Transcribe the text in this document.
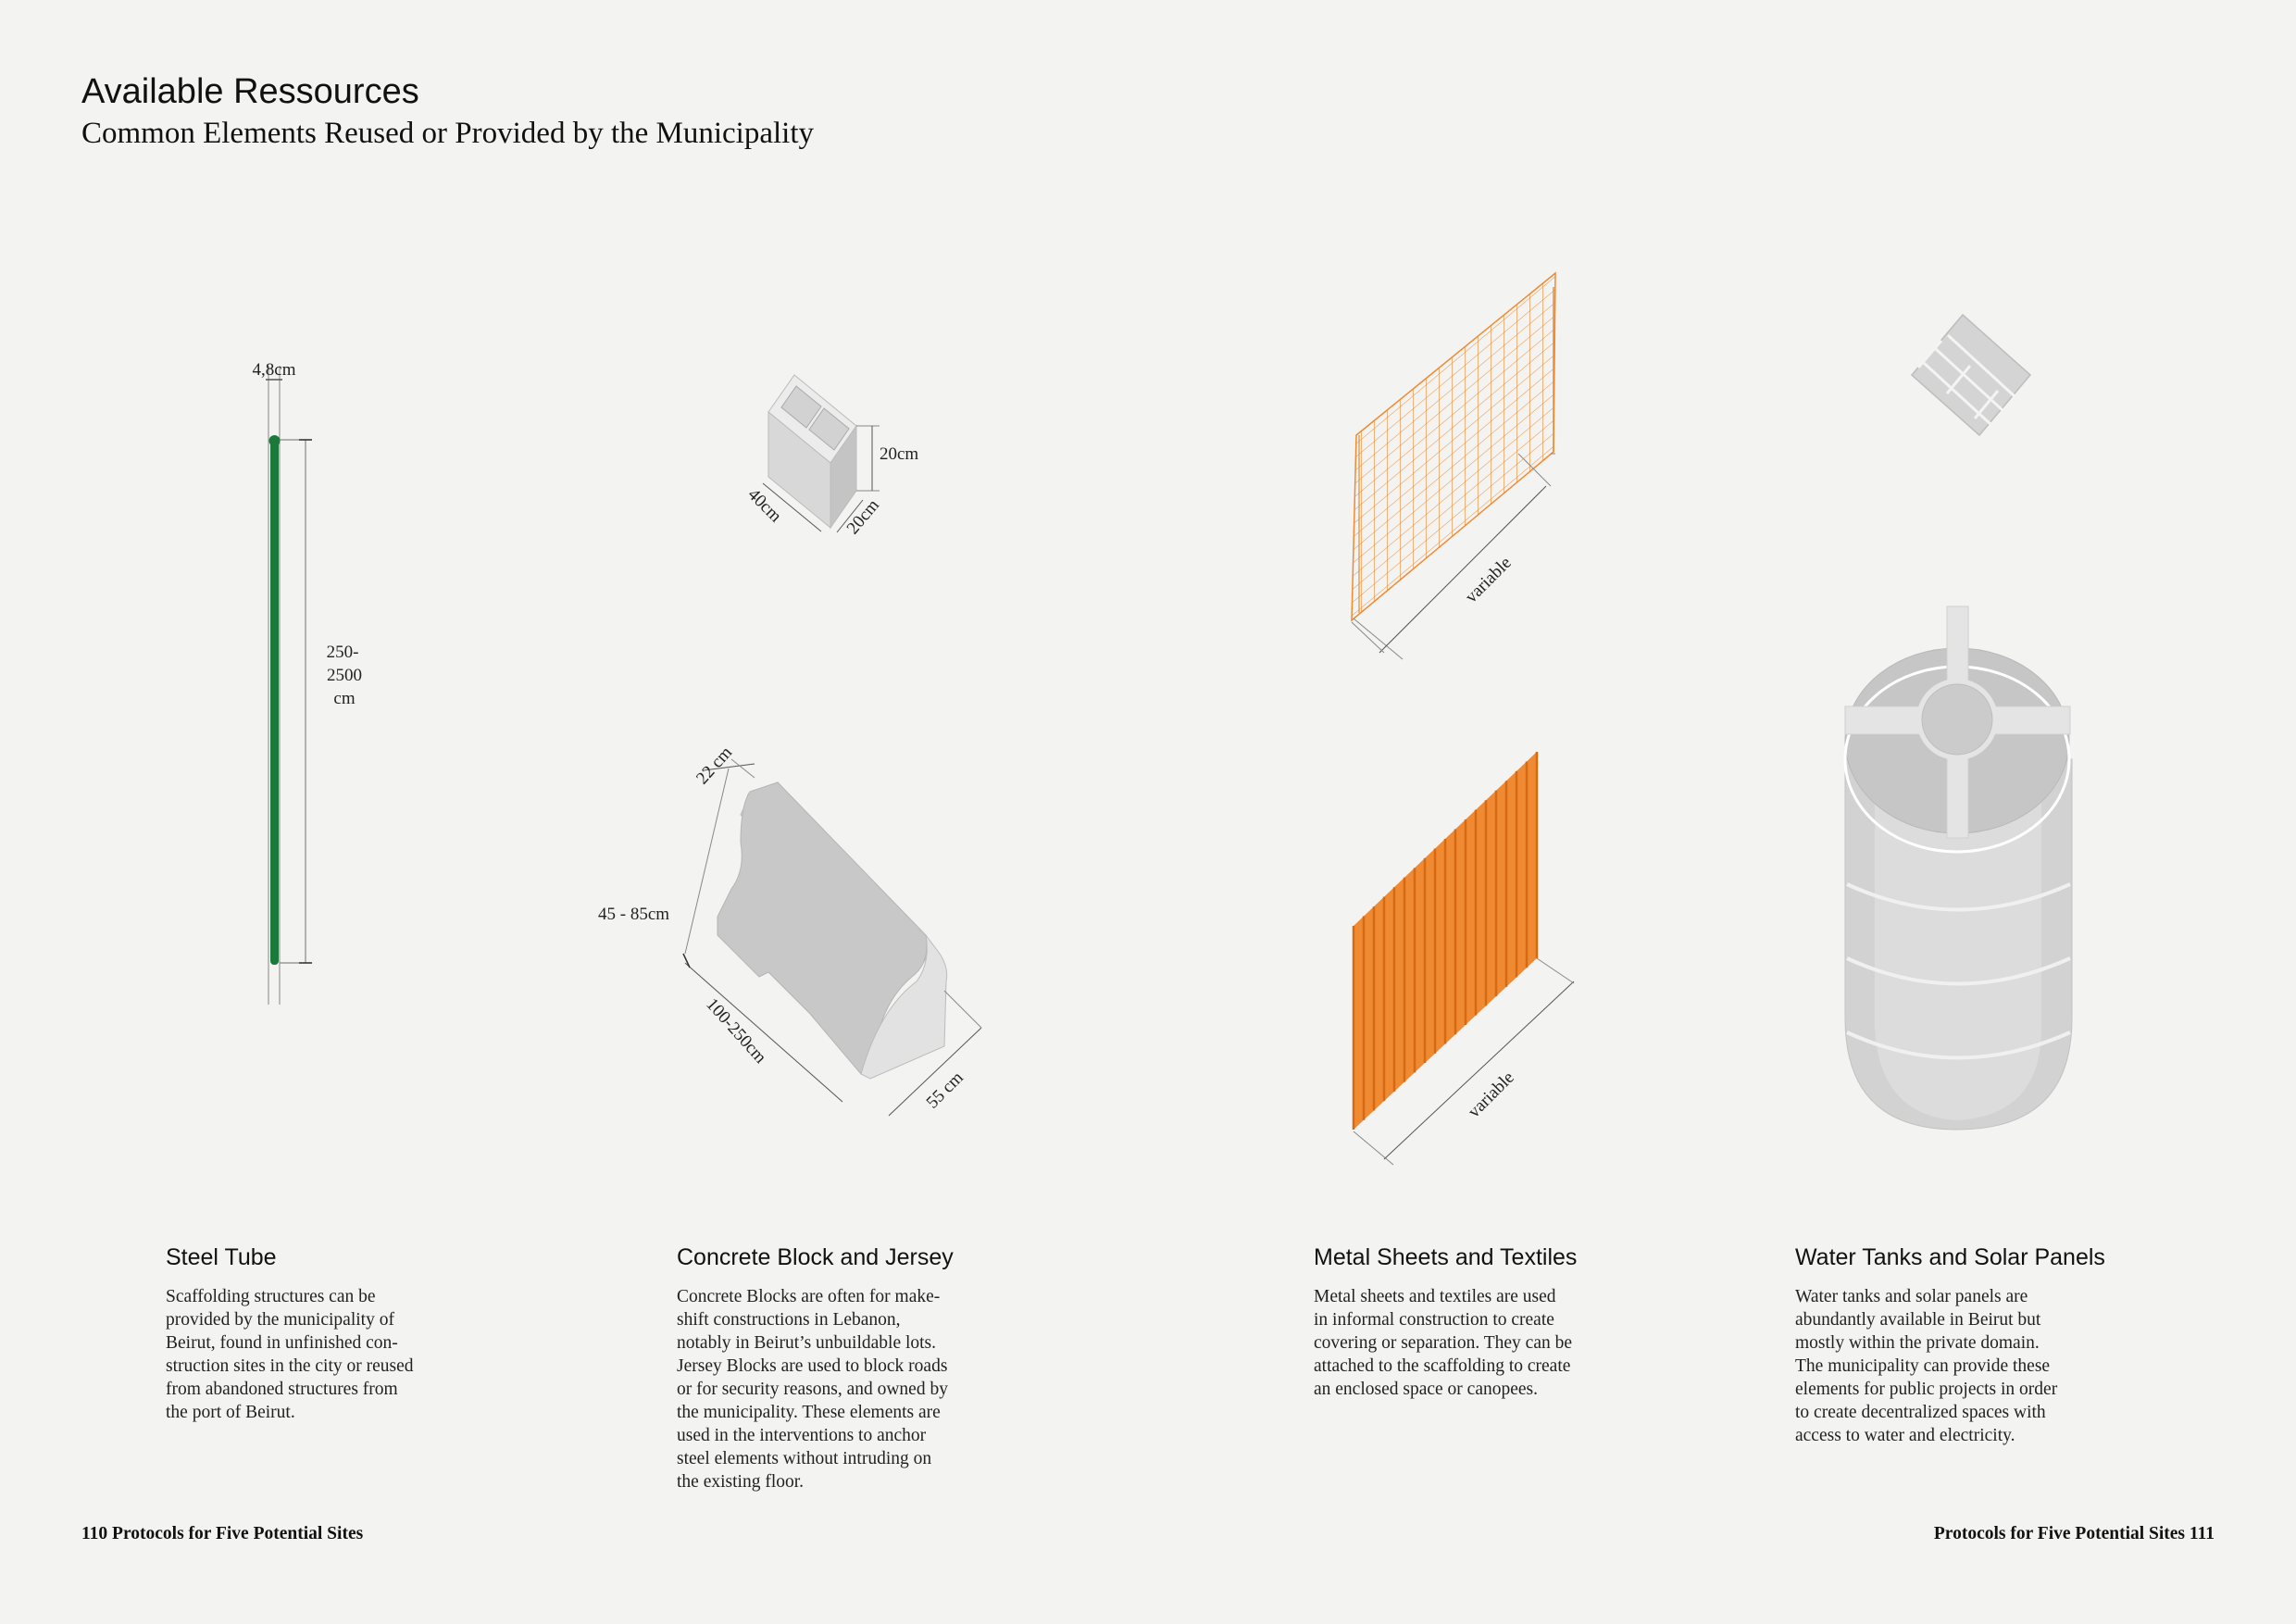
Available Ressources
Common Elements Reused or Provided by the Municipality
4,8cm
250-
2500
cm
20cm
40cm	20cm
22 cm
45 - 85cm
100-250cm
55 cm
variable
variable
Steel Tube
Scaffolding structures can be
provided by the municipality of
Beirut, found in unfinished con-
struction sites in the city or reused
from abandoned structures from
the port of Beirut.
Concrete Block and Jersey
Concrete Blocks are often for make-
shift constructions in Lebanon,
notably in Beirut’s unbuildable lots.
Jersey Blocks are used to block roads
or for security reasons, and owned by
the municipality. These elements are
used in the interventions to anchor
steel elements without intruding on
the existing floor.
Metal Sheets and Textiles
Metal sheets and textiles are used
in informal construction to create
covering or separation. They can be
attached to the scaffolding to create
an enclosed space or canopees.
Water Tanks and Solar Panels
Water tanks and solar panels are
abundantly available in Beirut but
mostly within the private domain.
The municipality can provide these
elements for public projects in order
to create decentralized spaces with
access to water and electricity.
110 Protocols for Five Potential Sites	Protocols for Five Potential Sites 111
